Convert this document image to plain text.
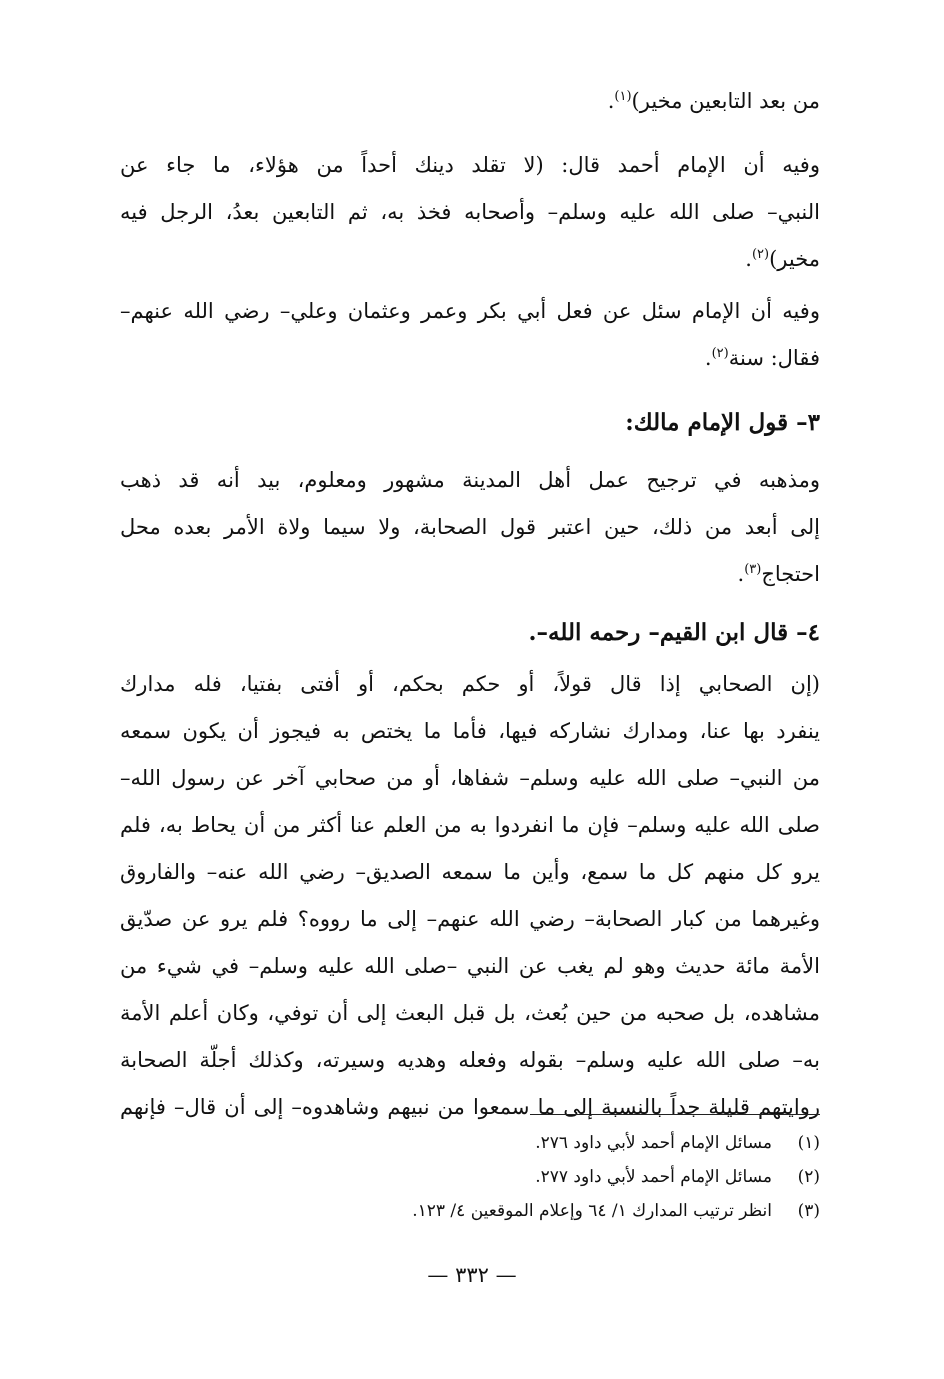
من بعد التابعين مخير)$^{(١)}$.
وفيه أن الإمام أحمد قال: (لا تقلد دينك أحداً من هؤلاء، ما جاء عن
النبي– صلى الله عليه وسلم– وأصحابه فخذ به، ثم التابعين بعدُ، الرجل فيه
مخير)$^{(٢)}$.
وفيه أن الإمام سئل عن فعل أبي بكر وعمر وعثمان وعلي– رضي الله عنهم–
فقال: سنة$^{(٢)}$.
٣– قول الإمام مالك:
ومذهبه في ترجيح عمل أهل المدينة مشهور ومعلوم، بيد أنه قد ذهب
إلى أبعد من ذلك، حين اعتبر قول الصحابة، ولا سيما ولاة الأمر بعده محل
احتجاج$^{(٣)}$.
٤– قال ابن القيم– رحمه الله–.
(إن الصحابي إذا قال قولاً، أو حكم بحكم، أو أفتى بفتيا، فله مدارك
ينفرد بها عنا، ومدارك نشاركه فيها، فأما ما يختص به فيجوز أن يكون سمعه
من النبي– صلى الله عليه وسلم– شفاها، أو من صحابي آخر عن رسول الله–
صلى الله عليه وسلم– فإن ما انفردوا به من العلم عنا أكثر من أن يحاط به، فلم
يرو كل منهم كل ما سمع، وأين ما سمعه الصديق– رضي الله عنه– والفاروق
وغيرهما من كبار الصحابة– رضي الله عنهم– إلى ما رووه؟ فلم يرو عن صدّيق
الأمة مائة حديث وهو لم يغب عن النبي –صلى الله عليه وسلم– في شيء من
مشاهده، بل صحبه من حين بُعث، بل قبل البعث إلى أن توفي، وكان أعلم الأمة
به– صلى الله عليه وسلم– بقوله وفعله وهديه وسيرته، وكذلك أجلّة الصحابة
روايتهم قليلة جداً بالنسبة إلى ما سمعوا من نبيهم وشاهدوه– إلى أن قال– فإنهم
(١)مسائل الإمام أحمد لأبي داود ٢٧٦.
(٢)مسائل الإمام أحمد لأبي داود ٢٧٧.
(٣)انظر ترتيب المدارك ١/ ٦٤ وإعلام الموقعين ٤/ ١٢٣.
— ٣٣٢ —
